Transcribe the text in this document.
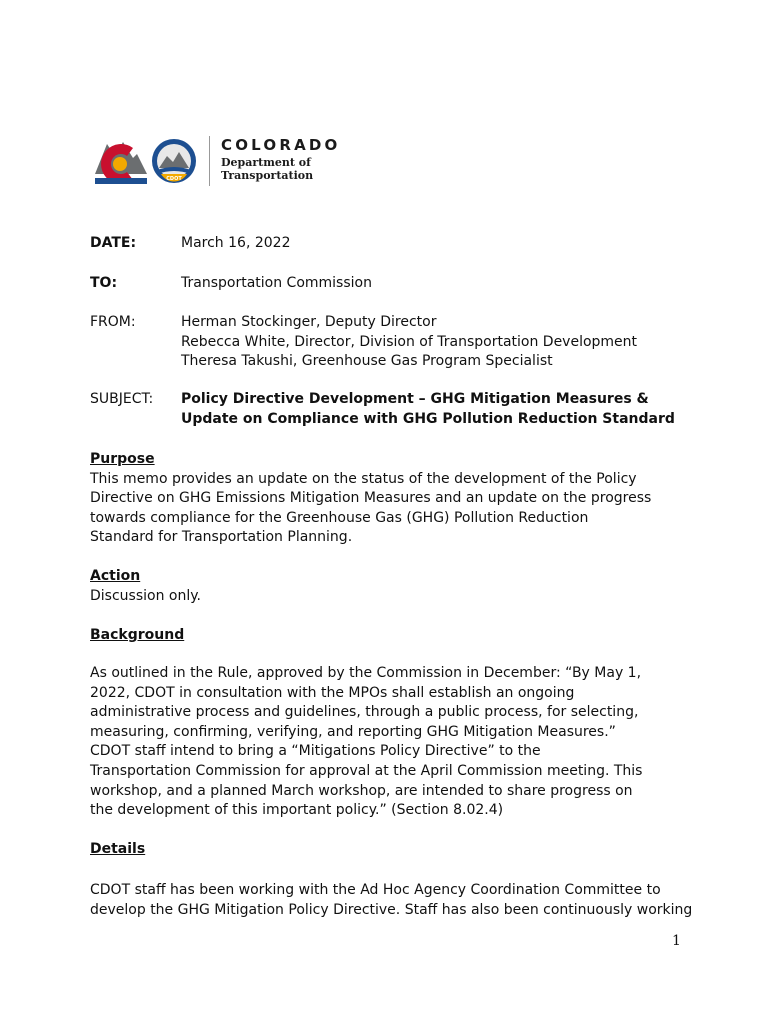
CDOT
COLORADO
Department of
Transportation
DATE:	March 16, 2022
TO:	Transportation Commission
FROM:	Herman Stockinger, Deputy Director
Rebecca White, Director, Division of Transportation Development
Theresa Takushi, Greenhouse Gas Program Specialist
SUBJECT: Policy Directive Development – GHG Mitigation Measures &
Update on Compliance with GHG Pollution Reduction Standard
Purpose
This memo provides an update on the status of the development of the Policy
Directive on GHG Emissions Mitigation Measures and an update on the progress
towards compliance for the Greenhouse Gas (GHG) Pollution Reduction
Standard for Transportation Planning.
Action
Discussion only.
Background
As outlined in the Rule, approved by the Commission in December: “By May 1,
2022, CDOT in consultation with the MPOs shall establish an ongoing
administrative process and guidelines, through a public process, for selecting,
measuring, confirming, verifying, and reporting GHG Mitigation Measures.”
CDOT staff intend to bring a “Mitigations Policy Directive” to the
Transportation Commission for approval at the April Commission meeting. This
workshop, and a planned March workshop, are intended to share progress on
the development of this important policy.” (Section 8.02.4)
Details
CDOT staff has been working with the Ad Hoc Agency Coordination Committee to
develop the GHG Mitigation Policy Directive. Staff has also been continuously working
1
